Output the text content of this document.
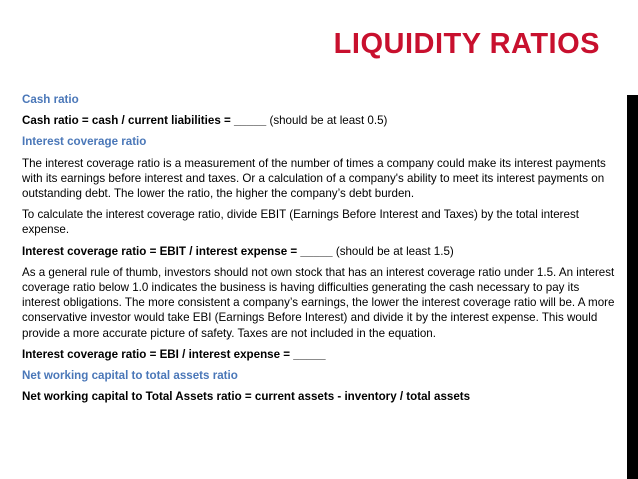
LIQUIDITY RATIOS

Cash ratio

Cash ratio = cash / current liabilities = _____ (should be at least 0.5)

Interest coverage ratio

The interest coverage ratio is a measurement of the number of times a company could make its interest payments with its earnings before interest and taxes. Or a calculation of a company's ability to meet its interest payments on outstanding debt. The lower the ratio, the higher the company’s debt burden.

To calculate the interest coverage ratio, divide EBIT (Earnings Before Interest and Taxes) by the total interest expense.

Interest coverage ratio = EBIT / interest expense = _____ (should be at least 1.5)

As a general rule of thumb, investors should not own stock that has an interest coverage ratio under 1.5. An interest coverage ratio below 1.0 indicates the business is having difficulties generating the cash necessary to pay its interest obligations. The more consistent a company’s earnings, the lower the interest coverage ratio will be. A more conservative investor would take EBI (Earnings Before Interest) and divide it by the interest expense. This would provide a more accurate picture of safety. Taxes are not included in the equation.

Interest coverage ratio = EBI / interest expense = _____

Net working capital to total assets ratio

Net working capital to Total Assets ratio = current assets - inventory / total assets
